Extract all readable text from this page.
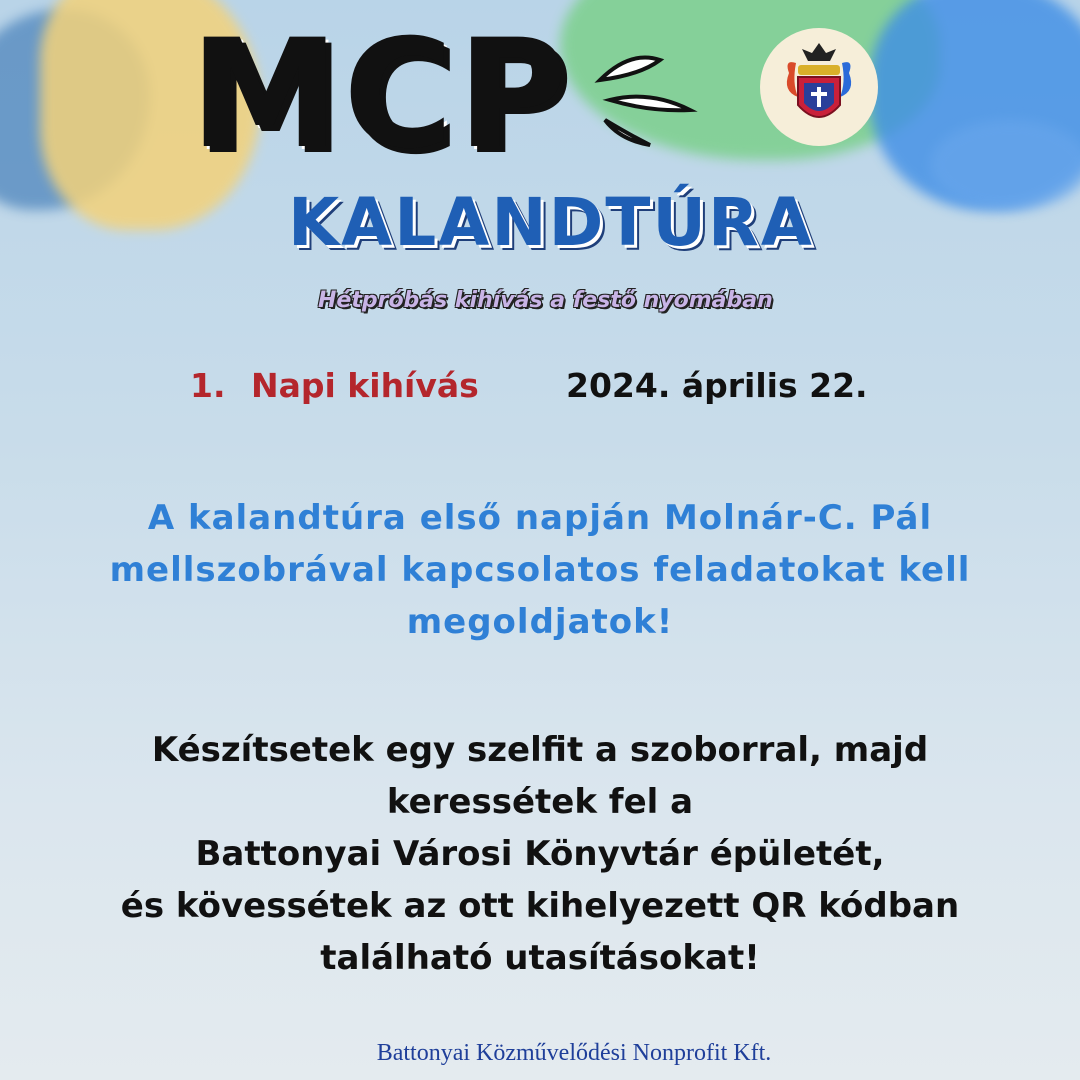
MCP
KALANDTÚRA
Hétpróbás kihívás a festő nyomában
1. Napi kihívás	2024. április 22.
A kalandtúra első napján Molnár-C. Pál mellszobrával kapcsolatos feladatokat kell megoldjatok!
Készítsetek egy szelfit a szoborral, majd
keressétek fel a
Battonyai Városi Könyvtár épületét,
és kövessétek az ott kihelyezett QR kódban
található utasításokat!
Battonyai Közművelődési Nonprofit Kft.
